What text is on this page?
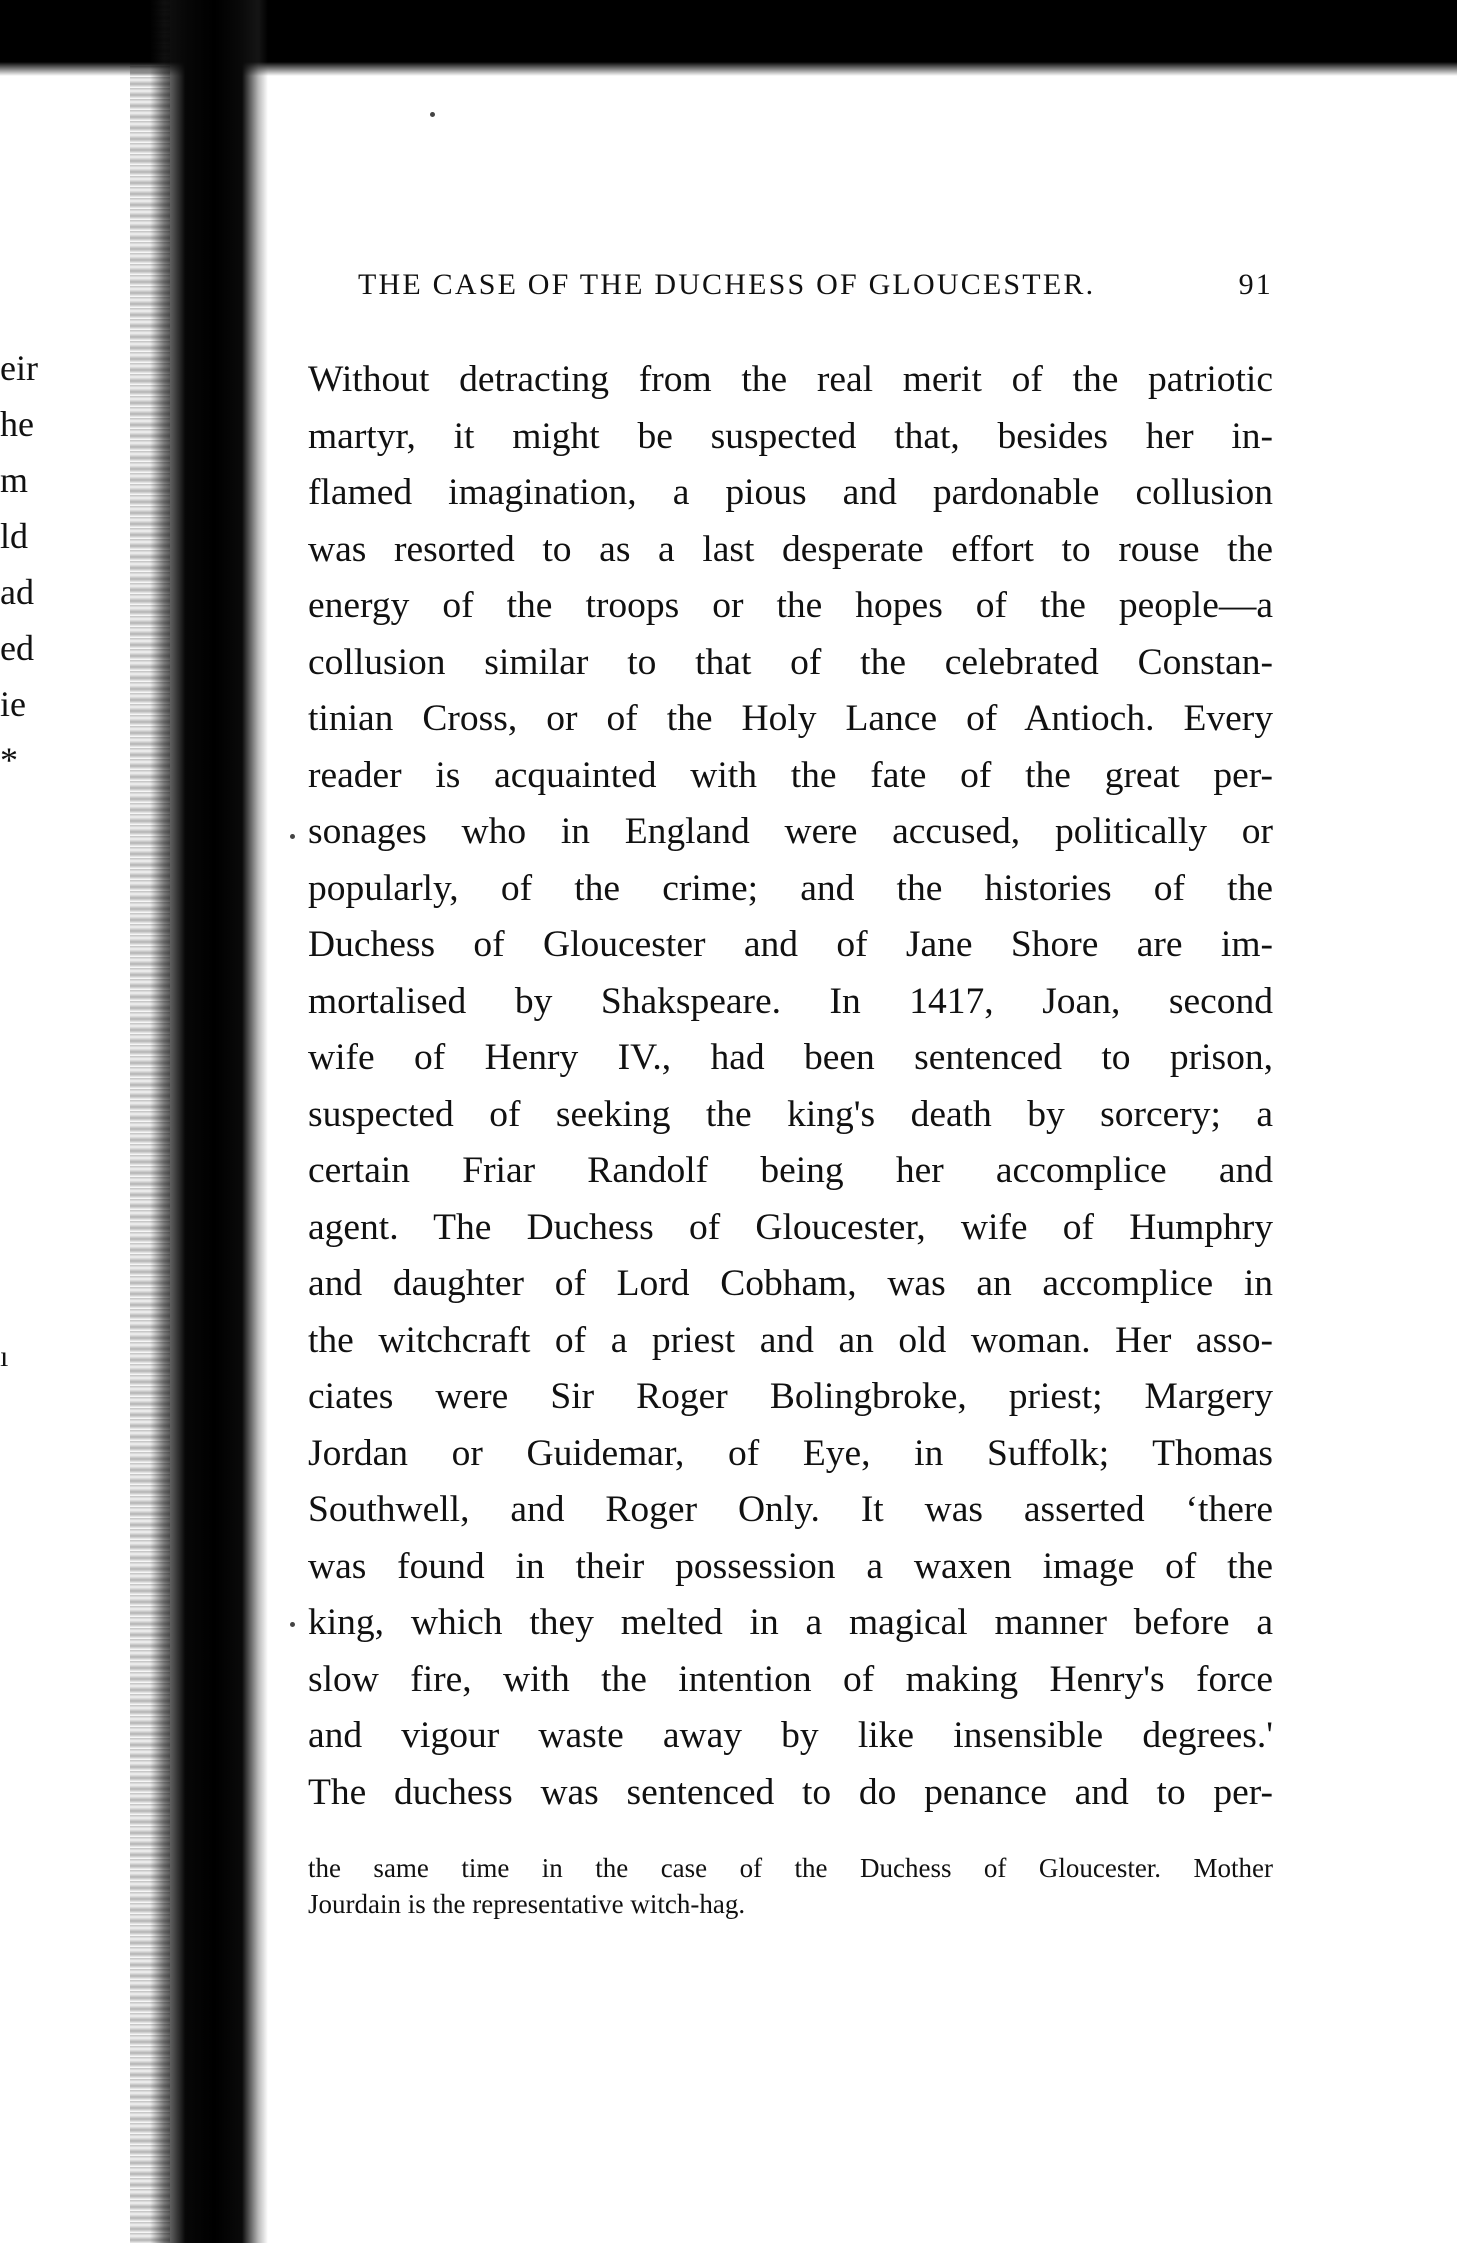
eir
he
m
ld
ad
ed
ie
*
ı
THE CASE OF THE DUCHESS OF GLOUCESTER.	91
Without detracting from the real merit of the patriotic
martyr, it might be suspected that, besides her in-
flamed imagination, a pious and pardonable collusion
was resorted to as a last desperate effort to rouse the
energy of the troops or the hopes of the people—a
collusion similar to that of the celebrated Constan-
tinian Cross, or of the Holy Lance of Antioch. Every
reader is acquainted with the fate of the great per-
sonages who in England were accused, politically or
popularly, of the crime; and the histories of the
Duchess of Gloucester and of Jane Shore are im-
mortalised by Shakspeare. In 1417, Joan, second
wife of Henry IV., had been sentenced to prison,
suspected of seeking the king's death by sorcery; a
certain Friar Randolf being her accomplice and
agent. The Duchess of Gloucester, wife of Humphry
and daughter of Lord Cobham, was an accomplice in
the witchcraft of a priest and an old woman. Her asso-
ciates were Sir Roger Bolingbroke, priest; Margery
Jordan or Guidemar, of Eye, in Suffolk; Thomas
Southwell, and Roger Only. It was asserted ‘there
was found in their possession a waxen image of the
king, which they melted in a magical manner before a
slow fire, with the intention of making Henry's force
and vigour waste away by like insensible degrees.'
The duchess was sentenced to do penance and to per-
the same time in the case of the Duchess of Gloucester. Mother
Jourdain is the representative witch-hag.
